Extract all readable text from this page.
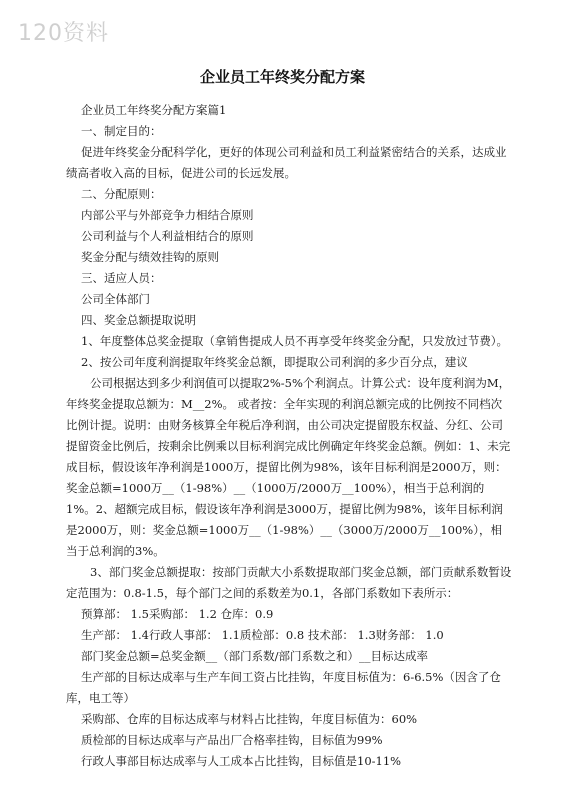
120资料
企业员工年终奖分配方案

企业员工年终奖分配方案篇1

一、制定目的：

促进年终奖金分配科学化，更好的体现公司利益和员工利益紧密结合的关系，达成业绩高者收入高的目标，促进公司的长远发展。

二、分配原则：

内部公平与外部竞争力相结合原则

公司利益与个人利益相结合的原则

奖金分配与绩效挂钩的原则

三、适应人员：

公司全体部门

四、奖金总额提取说明

1、年度整体总奖金提取（拿销售提成人员不再享受年终奖金分配，只发放过节费）。

2、按公司年度利润提取年终奖金总额，即提取公司利润的多少百分点，建议

公司根据达到多少利润值可以提取2%-5%个利润点。计算公式：设年度利润为M，年终奖金提取总额为：M__2%。 或者按：全年实现的利润总额完成的比例按不同档次比例计提。说明：由财务核算全年税后净利润，由公司决定提留股东权益、分红、公司提留资金比例后，按剩余比例乘以目标利润完成比例确定年终奖金总额。例如：1、未完成目标，假设该年净利润是1000万，提留比例为98%，该年目标利润是2000万，则：奖金总额=1000万__（1-98%）__（1000万/2000万__100%），相当于总利润的1%。2、超额完成目标，假设该年净利润是3000万，提留比例为98%，该年目标利润是2000万，则：奖金总额=1000万__（1-98%）__（3000万/2000万__100%），相当于总利润的3%。

3、部门奖金总额提取：按部门贡献大小系数提取部门奖金总额，部门贡献系数暂设定范围为：0.8-1.5，每个部门之间的系数差为0.1，各部门系数如下表所示：

预算部： 1.5采购部： 1.2 仓库：0.9

生产部： 1.4行政人事部： 1.1质检部：0.8 技术部： 1.3财务部： 1.0

部门奖金总额=总奖金额__（部门系数/部门系数之和）__目标达成率

生产部的目标达成率与生产车间工资占比挂钩，年度目标值为：6-6.5%（因含了仓库，电工等）

采购部、仓库的目标达成率与材料占比挂钩，年度目标值为：60%

质检部的目标达成率与产品出厂合格率挂钩，目标值为99%

行政人事部目标达成率与人工成本占比挂钩，目标值是10-11%
